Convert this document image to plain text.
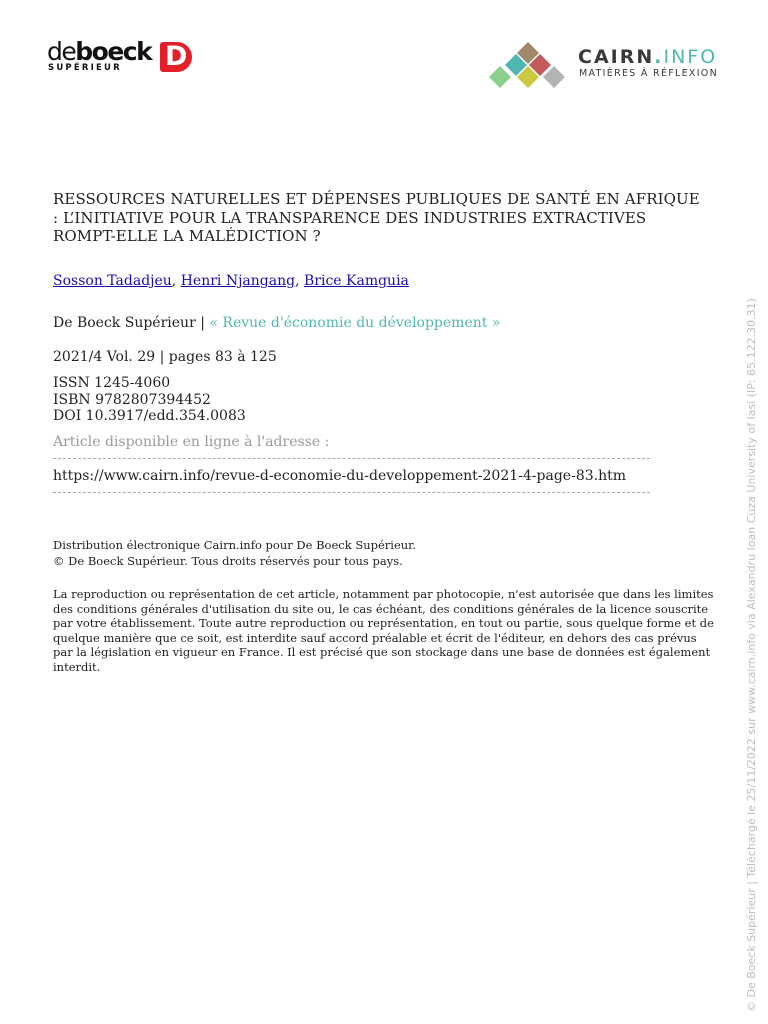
deboeck
SUPÉRIEUR D	CAIRN.INFO
MATIÈRES À RÉFLEXION
RESSOURCES NATURELLES ET DÉPENSES PUBLIQUES DE SANTÉ EN AFRIQUE : L’INITIATIVE POUR LA TRANSPARENCE DES INDUSTRIES EXTRACTIVES ROMPT-ELLE LA MALÉDICTION ?
Sosson Tadadjeu, Henri Njangang, Brice Kamguia
De Boeck Supérieur | « Revue d'économie du développement »
2021/4 Vol. 29 | pages 83 à 125
ISSN 1245-4060
ISBN 9782807394452
DOI 10.3917/edd.354.0083
Article disponible en ligne à l'adresse :
https://www.cairn.info/revue-d-economie-du-developpement-2021-4-page-83.htm
Distribution électronique Cairn.info pour De Boeck Supérieur.
© De Boeck Supérieur. Tous droits réservés pour tous pays.
La reproduction ou représentation de cet article, notamment par photocopie, n'est autorisée que dans les limites des conditions générales d'utilisation du site ou, le cas échéant, des conditions générales de la licence souscrite par votre établissement. Toute autre reproduction ou représentation, en tout ou partie, sous quelque forme et de quelque manière que ce soit, est interdite sauf accord préalable et écrit de l'éditeur, en dehors des cas prévus par la législation en vigueur en France. Il est précisé que son stockage dans une base de données est également interdit.	© De Boeck Supérieur | Téléchargé le 25/11/2022 sur www.cairn.info via Alexandru Ioan Cuza University of Iasi (IP: 85.122.30.31)
